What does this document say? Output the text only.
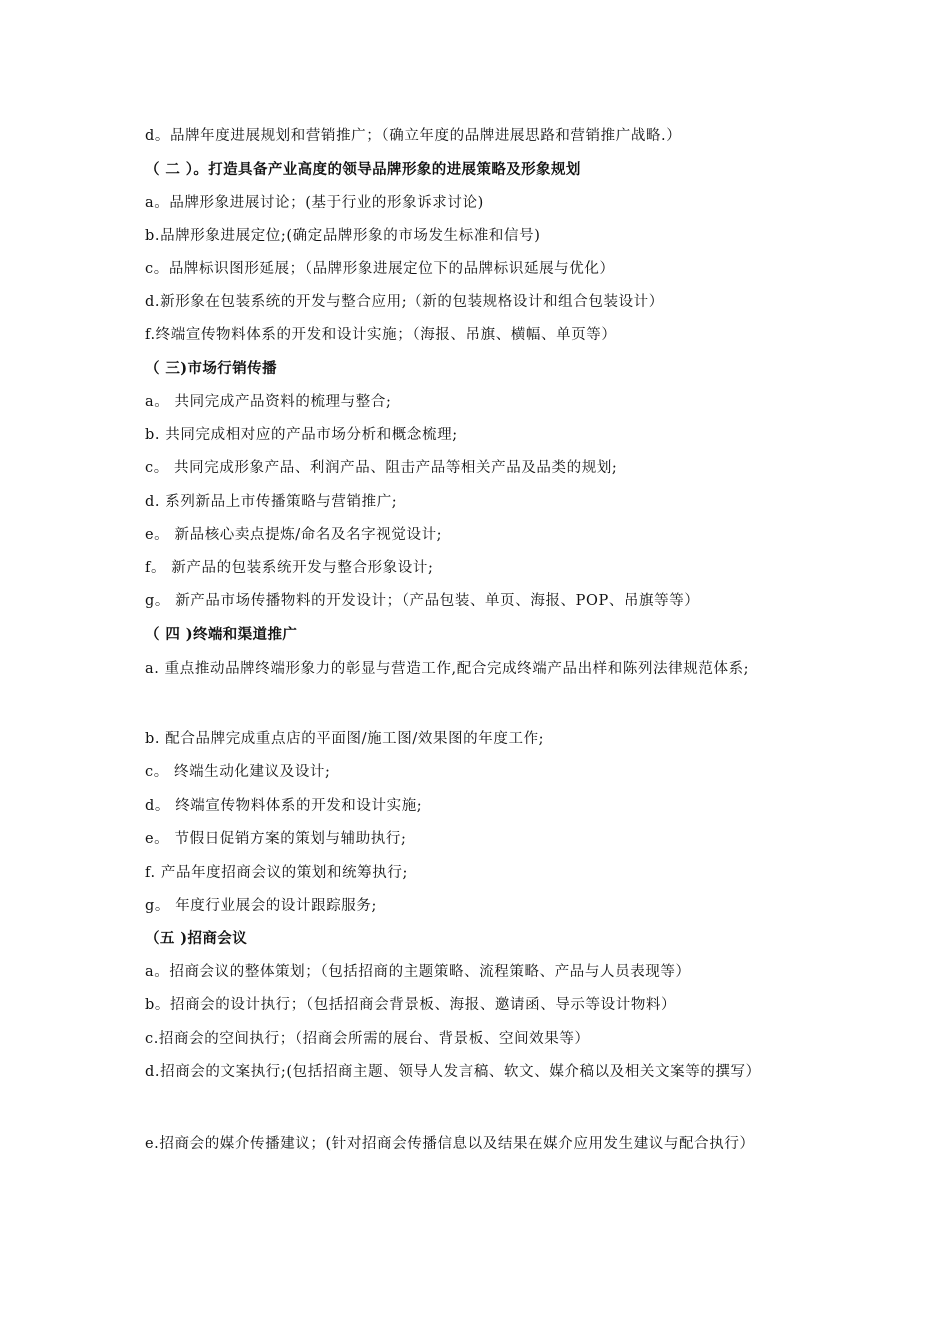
d。品牌年度进展规划和营销推广；（确立年度的品牌进展思路和营销推广战略.）
（ 二 ）。打造具备产业高度的领导品牌形象的进展策略及形象规划
a。品牌形象进展讨论；(基于行业的形象诉求讨论)
b.品牌形象进展定位;(确定品牌形象的市场发生标准和信号)
c。品牌标识图形延展；（品牌形象进展定位下的品牌标识延展与优化）
d.新形象在包装系统的开发与整合应用;（新的包装规格设计和组合包装设计）
f.终端宣传物料体系的开发和设计实施；（海报、吊旗、横幅、单页等）
（ 三)市场行销传播
a。 共同完成产品资料的梳理与整合;
b. 共同完成相对应的产品市场分析和概念梳理;
c。 共同完成形象产品、利润产品、阻击产品等相关产品及品类的规划;
d. 系列新品上市传播策略与营销推广;
e。 新品核心卖点提炼/命名及名字视觉设计;
f。 新产品的包装系统开发与整合形象设计;
g。 新产品市场传播物料的开发设计；（产品包装、单页、海报、POP、吊旗等等）
（ 四 )终端和渠道推广
a. 重点推动品牌终端形象力的彰显与营造工作,配合完成终端产品出样和陈列法律规范体系;
b. 配合品牌完成重点店的平面图/施工图/效果图的年度工作;
c。 终端生动化建议及设计;
d。 终端宣传物料体系的开发和设计实施;
e。 节假日促销方案的策划与辅助执行;
f. 产品年度招商会议的策划和统筹执行;
g。 年度行业展会的设计跟踪服务;
（五 )招商会议
a。招商会议的整体策划；（包括招商的主题策略、流程策略、产品与人员表现等）
b。招商会的设计执行；（包括招商会背景板、海报、邀请函、导示等设计物料）
c.招商会的空间执行；（招商会所需的展台、背景板、空间效果等）
d.招商会的文案执行;(包括招商主题、领导人发言稿、软文、媒介稿以及相关文案等的撰写）
e.招商会的媒介传播建议；(针对招商会传播信息以及结果在媒介应用发生建议与配合执行）
